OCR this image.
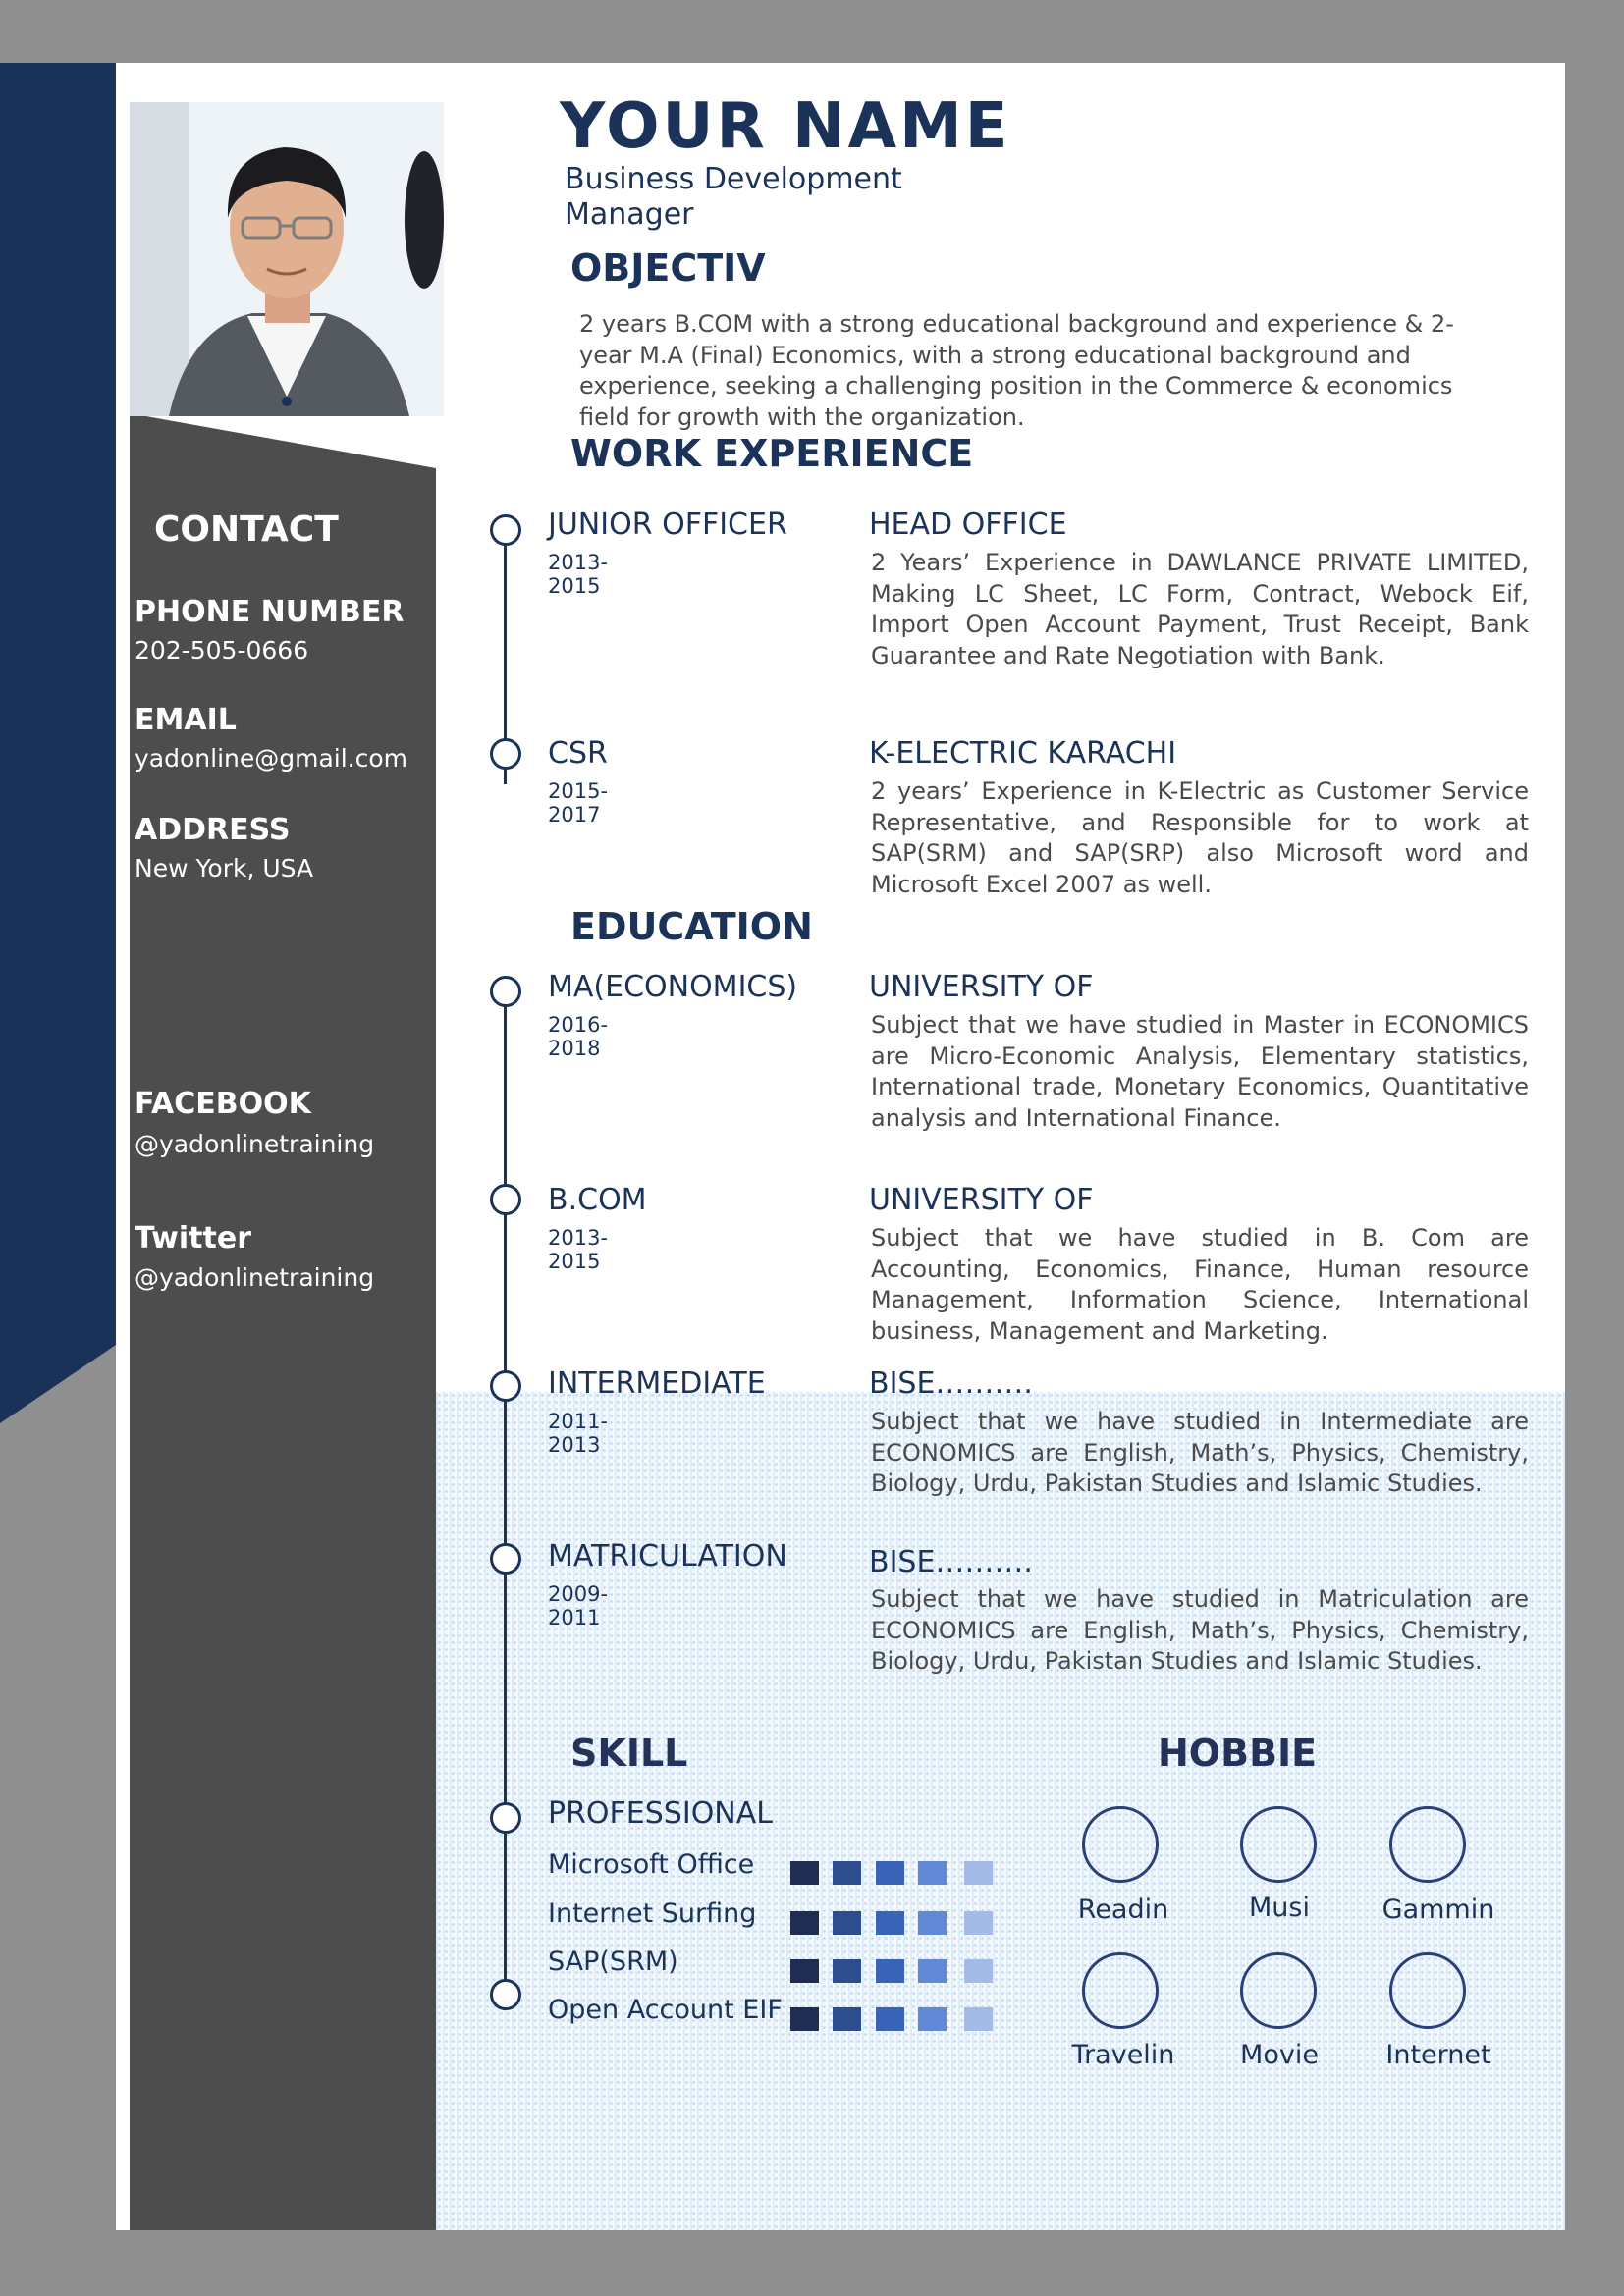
CONTACT
PHONE NUMBER
202-505-0666
EMAIL
yadonline@gmail.com
ADDRESS
New York, USA
FACEBOOK
@yadonlinetraining
Twitter
@yadonlinetraining
YOUR NAME
Business Development Manager
OBJECTIV
2 years B.COM with a strong educational background and experience & 2-year M.A (Final) Economics, with a strong educational background and experience, seeking a challenging position in the Commerce & economics field for growth with the organization.
WORK EXPERIENCE
JUNIOR OFFICER
2013-2015
HEAD OFFICE
2 Years’ Experience in DAWLANCE PRIVATE LIMITED, Making LC Sheet, LC Form, Contract, Webock Eif, Import Open Account Payment, Trust Receipt, Bank Guarantee and Rate Negotiation with Bank.
CSR
2015-2017
K-ELECTRIC KARACHI
2 years’ Experience in K-Electric as Customer Service Representative, and Responsible for to work at SAP(SRM) and SAP(SRP) also Microsoft word and Microsoft Excel 2007 as well.
EDUCATION
MA(ECONOMICS)
2016-2018
UNIVERSITY OF
Subject that we have studied in Master in ECONOMICS are Micro-Economic Analysis, Elementary statistics, International trade, Monetary Economics, Quantitative analysis and International Finance.
B.COM
2013-2015
UNIVERSITY OF
Subject that we have studied in B. Com are Accounting, Economics, Finance, Human resource Management, Information Science, International business, Management and Marketing.
INTERMEDIATE
2011-2013
BISE……….
Subject that we have studied in Intermediate are ECONOMICS are English, Math’s, Physics, Chemistry, Biology, Urdu, Pakistan Studies and Islamic Studies.
MATRICULATION
2009-2011
BISE……….
Subject that we have studied in Matriculation are ECONOMICS are English, Math’s, Physics, Chemistry, Biology, Urdu, Pakistan Studies and Islamic Studies.
SKILL
PROFESSIONAL
Microsoft Office
Internet Surfing
SAP(SRM)
Open Account EIF
HOBBIE
Readin	Musi	Gammin
Travelin	Movie	Internet
